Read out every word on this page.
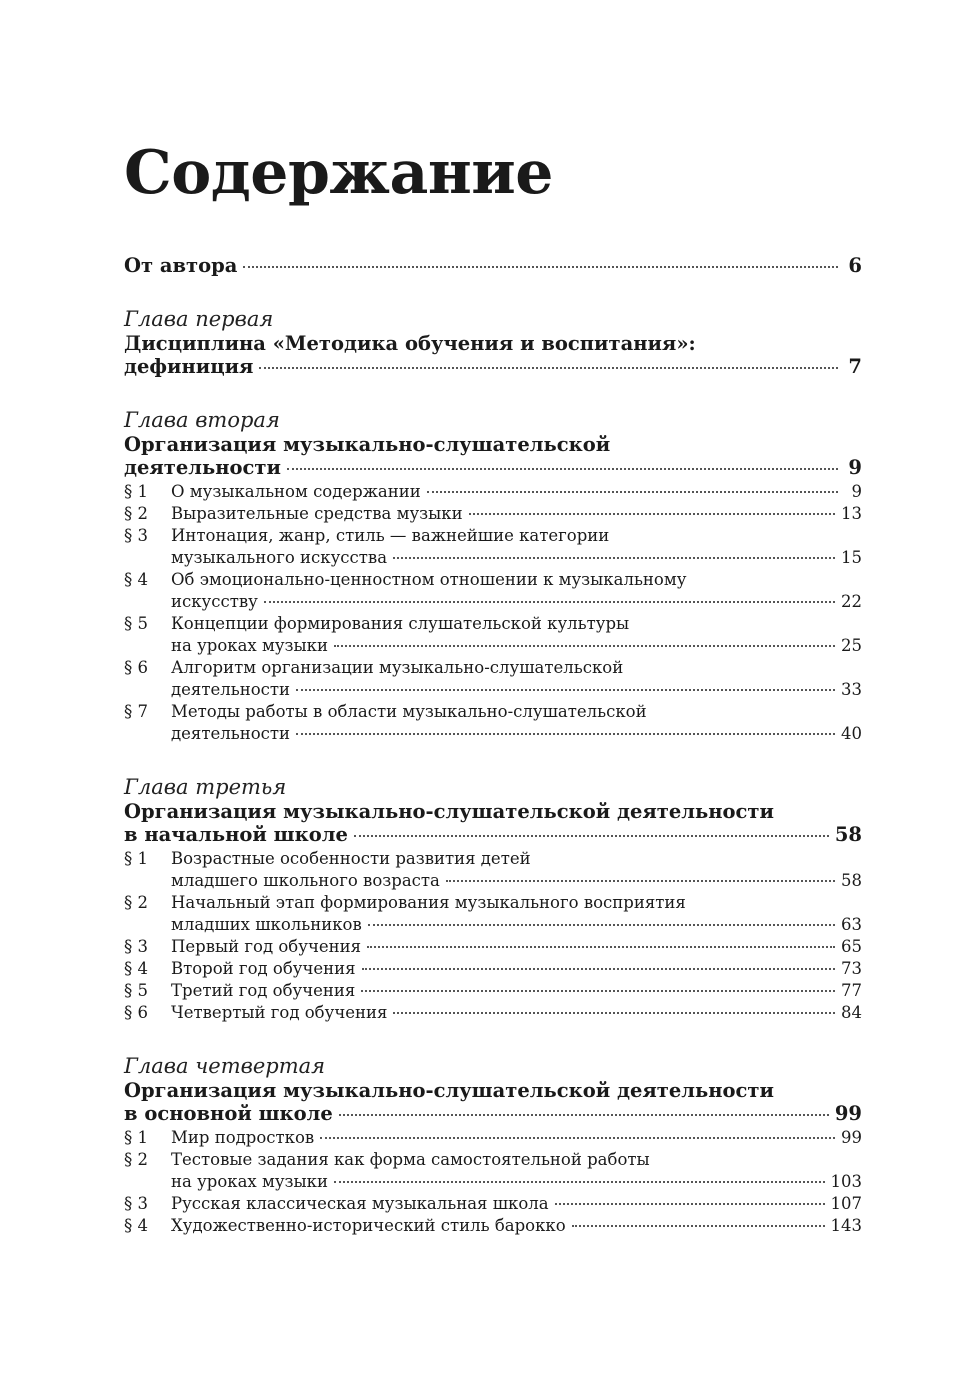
Содержание
От автора	6
Глава первая
Дисциплина «Методика обучения и воспитания»:
дефиниция	7
Глава вторая
Организация музыкально-слушательской
деятельности	9
§ 1	О музыкальном содержании	9
§ 2	Выразительные средства музыки	13
§ 3	Интонация, жанр, стиль — важнейшие категории
музыкального искусства	15
§ 4	Об эмоционально-ценностном отношении к музыкальному
искусству	22
§ 5	Концепции формирования слушательской культуры
на уроках музыки	25
§ 6	Алгоритм организации музыкально-слушательской
деятельности	33
§ 7	Методы работы в области музыкально-слушательской
деятельности	40
Глава третья
Организация музыкально-слушательской деятельности
в начальной школе	58
§ 1	Возрастные особенности развития детей
младшего школьного возраста	58
§ 2	Начальный этап формирования музыкального восприятия
младших школьников	63
§ 3	Первый год обучения	65
§ 4	Второй год обучения	73
§ 5	Третий год обучения	77
§ 6	Четвертый год обучения	84
Глава четвертая
Организация музыкально-слушательской деятельности
в основной школе	99
§ 1	Мир подростков	99
§ 2	Тестовые задания как форма самостоятельной работы
на уроках музыки	103
§ 3	Русская классическая музыкальная школа	107
§ 4	Художественно-исторический стиль барокко	143
